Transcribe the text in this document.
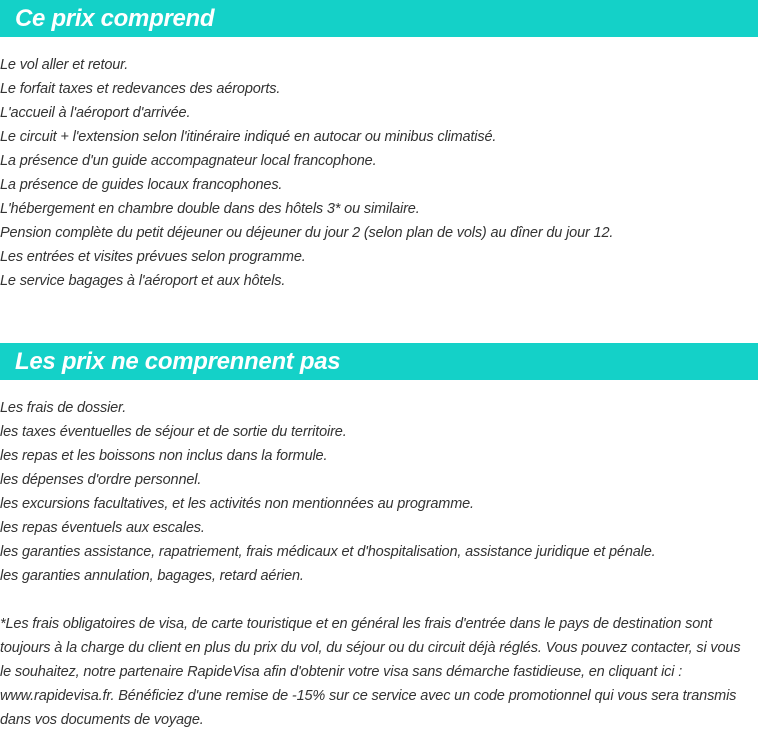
Ce prix comprend
Le vol aller et retour.
Le forfait taxes et redevances des aéroports.
L'accueil à l'aéroport d'arrivée.
Le circuit + l'extension selon l'itinéraire indiqué en autocar ou minibus climatisé.
La présence d'un guide accompagnateur local francophone.
La présence de guides locaux francophones.
L'hébergement en chambre double dans des hôtels 3* ou similaire.
Pension complète du petit déjeuner ou déjeuner du jour 2 (selon plan de vols) au dîner du jour 12.
Les entrées et visites prévues selon programme.
Le service bagages à l'aéroport et aux hôtels.
Les prix ne comprennent pas
Les frais de dossier.
les taxes éventuelles de séjour et de sortie du territoire.
les repas et les boissons non inclus dans la formule.
les dépenses d'ordre personnel.
les excursions facultatives, et les activités non mentionnées au programme.
les repas éventuels aux escales.
les garanties assistance, rapatriement, frais médicaux et d'hospitalisation, assistance juridique et pénale.
les garanties annulation, bagages, retard aérien.

*Les frais obligatoires de visa, de carte touristique et en général les frais d'entrée dans le pays de destination sont toujours à la charge du client en plus du prix du vol, du séjour ou du circuit déjà réglés. Vous pouvez contacter, si vous le souhaitez, notre partenaire RapideVisa afin d'obtenir votre visa sans démarche fastidieuse, en cliquant ici : www.rapidevisa.fr. Bénéficiez d'une remise de -15% sur ce service avec un code promotionnel qui vous sera transmis dans vos documents de voyage.
